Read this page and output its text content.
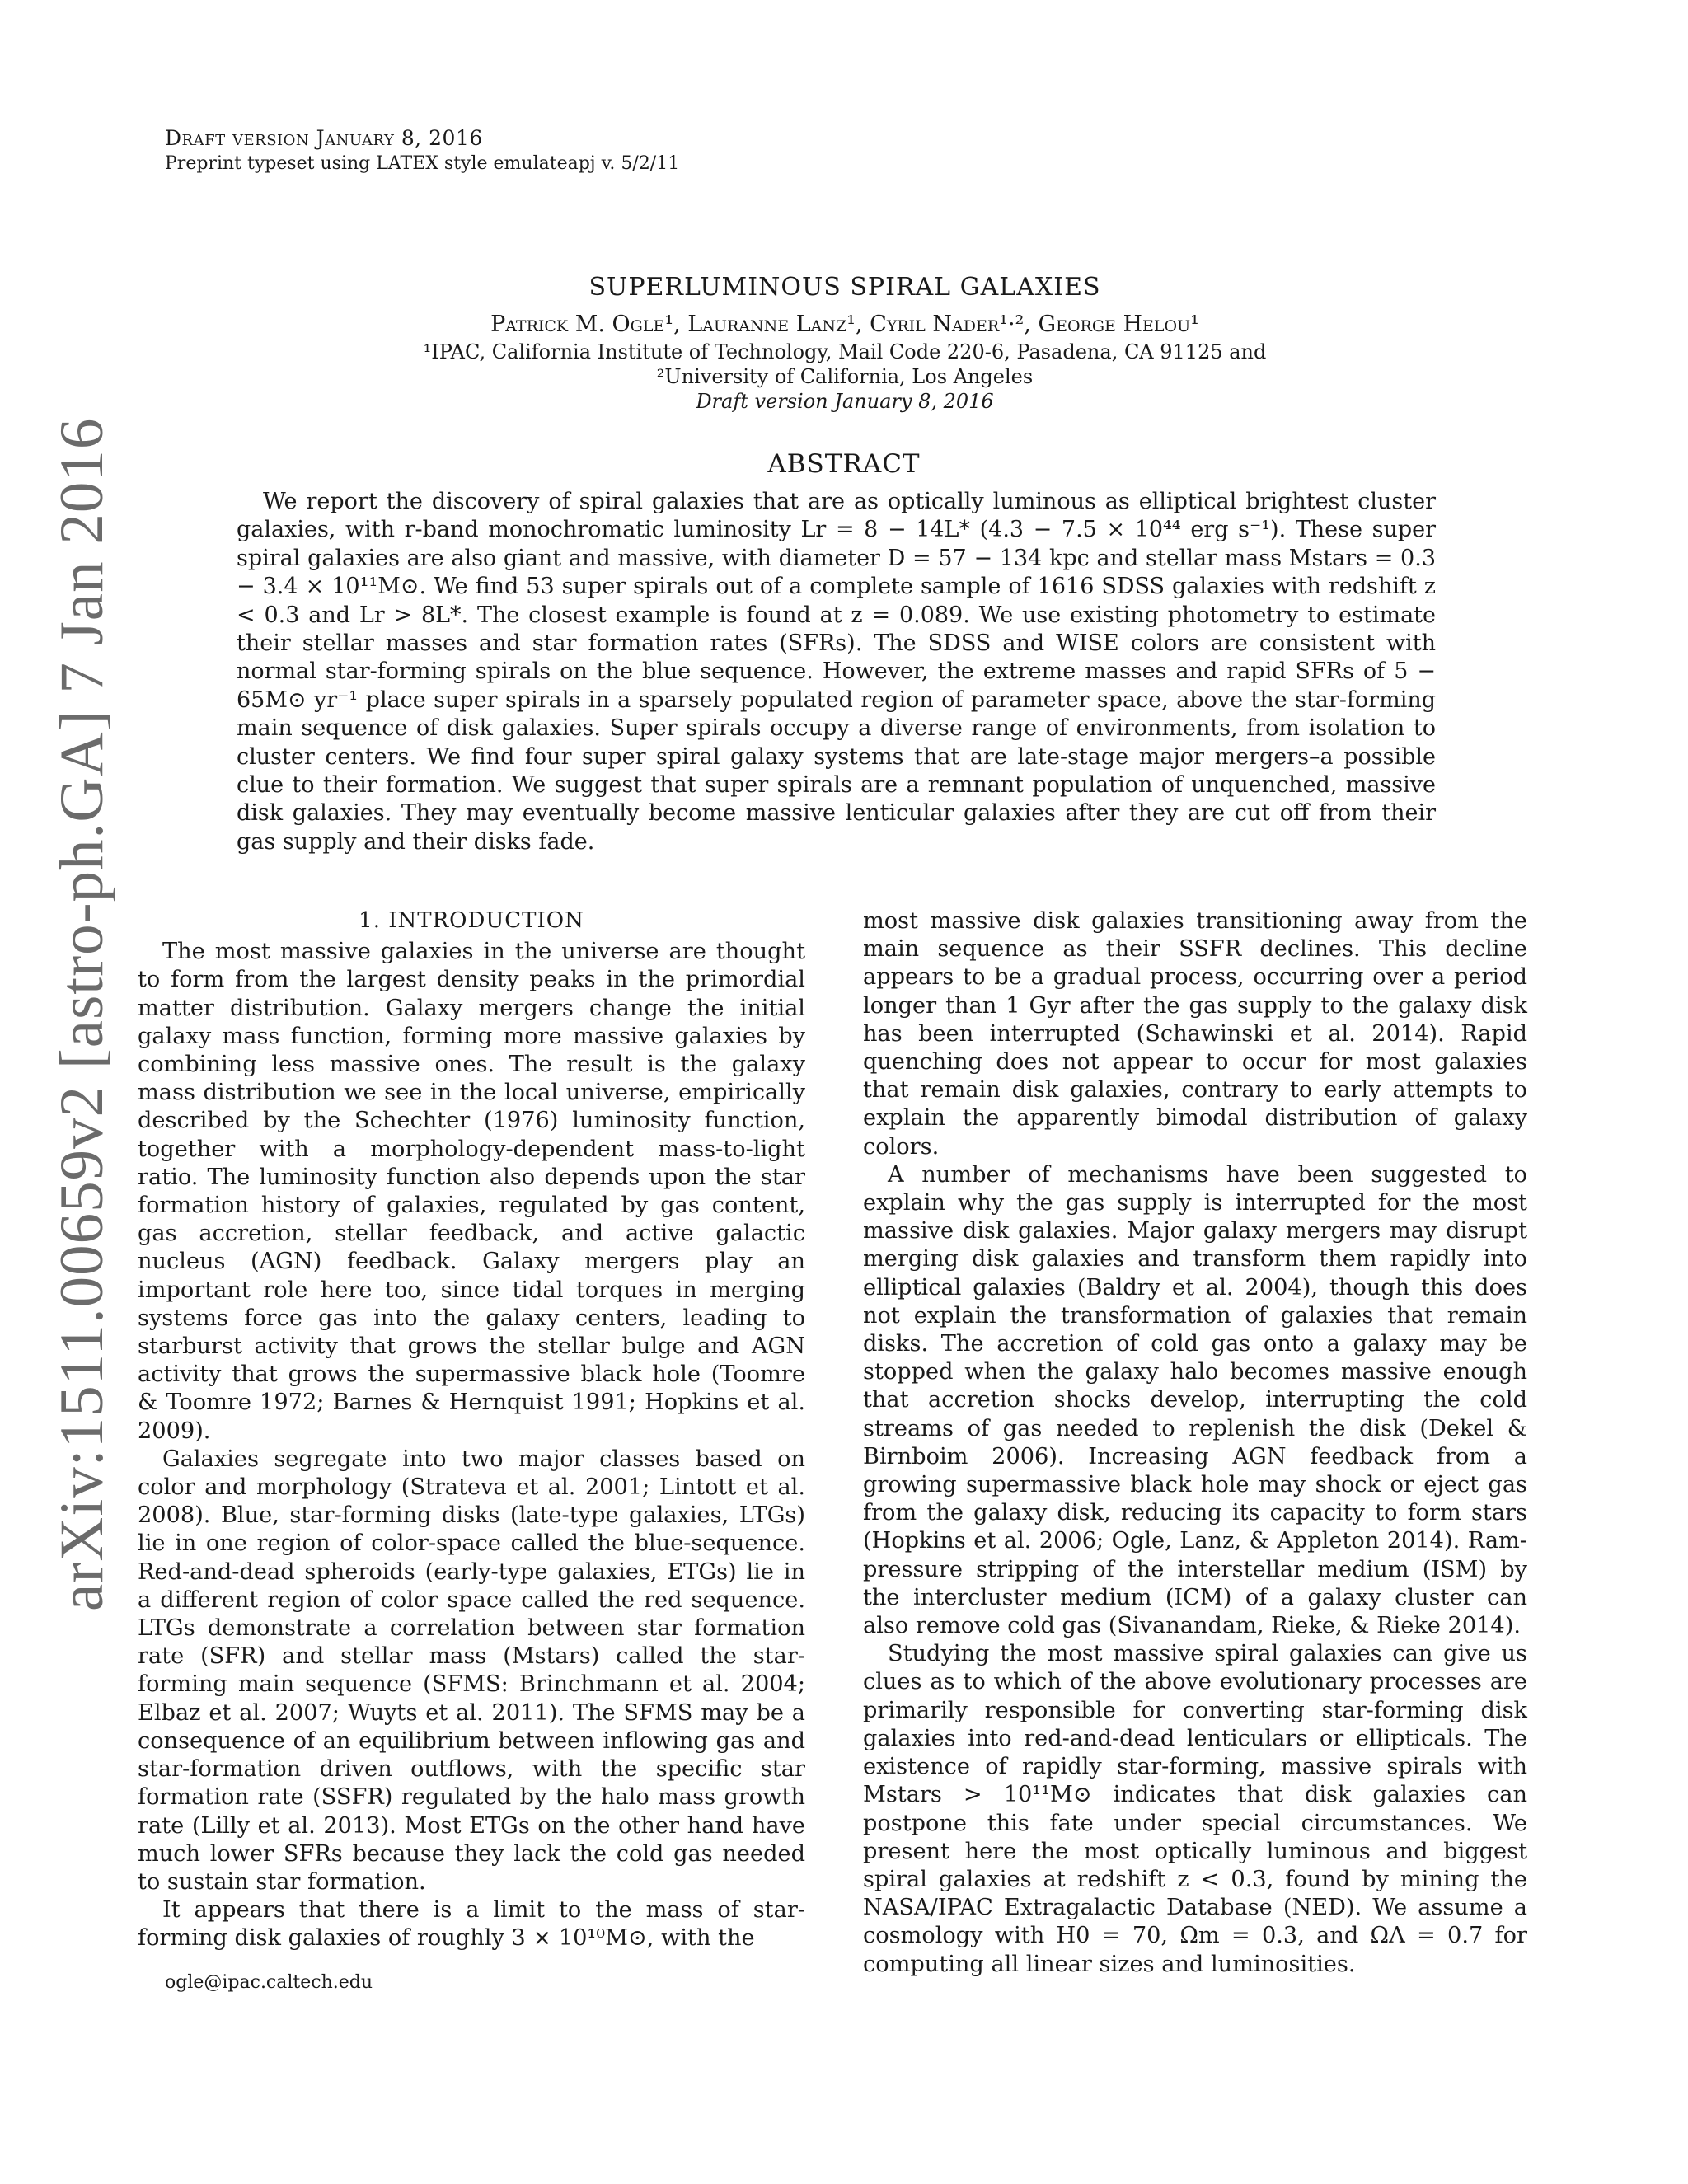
Draft version January 8, 2016
Preprint typeset using LATEX style emulateapj v. 5/2/11
arXiv:1511.00659v2 [astro-ph.GA] 7 Jan 2016
SUPERLUMINOUS SPIRAL GALAXIES
Patrick M. Ogle¹, Lauranne Lanz¹, Cyril Nader¹·², George Helou¹
¹IPAC, California Institute of Technology, Mail Code 220-6, Pasadena, CA 91125 and
²University of California, Los Angeles
Draft version January 8, 2016
ABSTRACT
We report the discovery of spiral galaxies that are as optically luminous as elliptical brightest cluster galaxies, with r-band monochromatic luminosity Lr = 8 − 14L* (4.3 − 7.5 × 10⁴⁴ erg s⁻¹). These super spiral galaxies are also giant and massive, with diameter D = 57 − 134 kpc and stellar mass Mstars = 0.3 − 3.4 × 10¹¹M⊙. We find 53 super spirals out of a complete sample of 1616 SDSS galaxies with redshift z < 0.3 and Lr > 8L*. The closest example is found at z = 0.089. We use existing photometry to estimate their stellar masses and star formation rates (SFRs). The SDSS and WISE colors are consistent with normal star-forming spirals on the blue sequence. However, the extreme masses and rapid SFRs of 5 − 65M⊙ yr⁻¹ place super spirals in a sparsely populated region of parameter space, above the star-forming main sequence of disk galaxies. Super spirals occupy a diverse range of environments, from isolation to cluster centers. We find four super spiral galaxy systems that are late-stage major mergers–a possible clue to their formation. We suggest that super spirals are a remnant population of unquenched, massive disk galaxies. They may eventually become massive lenticular galaxies after they are cut off from their gas supply and their disks fade.
1. INTRODUCTION

The most massive galaxies in the universe are thought to form from the largest density peaks in the primordial matter distribution. Galaxy mergers change the initial galaxy mass function, forming more massive galaxies by combining less massive ones. The result is the galaxy mass distribution we see in the local universe, empirically described by the Schechter (1976) luminosity function, together with a morphology-dependent mass-to-light ratio. The luminosity function also depends upon the star formation history of galaxies, regulated by gas content, gas accretion, stellar feedback, and active galactic nucleus (AGN) feedback. Galaxy mergers play an important role here too, since tidal torques in merging systems force gas into the galaxy centers, leading to starburst activity that grows the stellar bulge and AGN activity that grows the supermassive black hole (Toomre & Toomre 1972; Barnes & Hernquist 1991; Hopkins et al. 2009).

Galaxies segregate into two major classes based on color and morphology (Strateva et al. 2001; Lintott et al. 2008). Blue, star-forming disks (late-type galaxies, LTGs) lie in one region of color-space called the blue-sequence. Red-and-dead spheroids (early-type galaxies, ETGs) lie in a different region of color space called the red sequence. LTGs demonstrate a correlation between star formation rate (SFR) and stellar mass (Mstars) called the star-forming main sequence (SFMS: Brinchmann et al. 2004; Elbaz et al. 2007; Wuyts et al. 2011). The SFMS may be a consequence of an equilibrium between inflowing gas and star-formation driven outflows, with the specific star formation rate (SSFR) regulated by the halo mass growth rate (Lilly et al. 2013). Most ETGs on the other hand have much lower SFRs because they lack the cold gas needed to sustain star formation.

It appears that there is a limit to the mass of star-forming disk galaxies of roughly 3 × 10¹⁰M⊙, with the

most massive disk galaxies transitioning away from the main sequence as their SSFR declines. This decline appears to be a gradual process, occurring over a period longer than 1 Gyr after the gas supply to the galaxy disk has been interrupted (Schawinski et al. 2014). Rapid quenching does not appear to occur for most galaxies that remain disk galaxies, contrary to early attempts to explain the apparently bimodal distribution of galaxy colors.

A number of mechanisms have been suggested to explain why the gas supply is interrupted for the most massive disk galaxies. Major galaxy mergers may disrupt merging disk galaxies and transform them rapidly into elliptical galaxies (Baldry et al. 2004), though this does not explain the transformation of galaxies that remain disks. The accretion of cold gas onto a galaxy may be stopped when the galaxy halo becomes massive enough that accretion shocks develop, interrupting the cold streams of gas needed to replenish the disk (Dekel & Birnboim 2006). Increasing AGN feedback from a growing supermassive black hole may shock or eject gas from the galaxy disk, reducing its capacity to form stars (Hopkins et al. 2006; Ogle, Lanz, & Appleton 2014). Ram-pressure stripping of the interstellar medium (ISM) by the intercluster medium (ICM) of a galaxy cluster can also remove cold gas (Sivanandam, Rieke, & Rieke 2014).

Studying the most massive spiral galaxies can give us clues as to which of the above evolutionary processes are primarily responsible for converting star-forming disk galaxies into red-and-dead lenticulars or ellipticals. The existence of rapidly star-forming, massive spirals with Mstars > 10¹¹M⊙ indicates that disk galaxies can postpone this fate under special circumstances. We present here the most optically luminous and biggest spiral galaxies at redshift z < 0.3, found by mining the NASA/IPAC Extragalactic Database (NED). We assume a cosmology with H0 = 70, Ωm = 0.3, and ΩΛ = 0.7 for computing all linear sizes and luminosities.

ogle@ipac.caltech.edu
